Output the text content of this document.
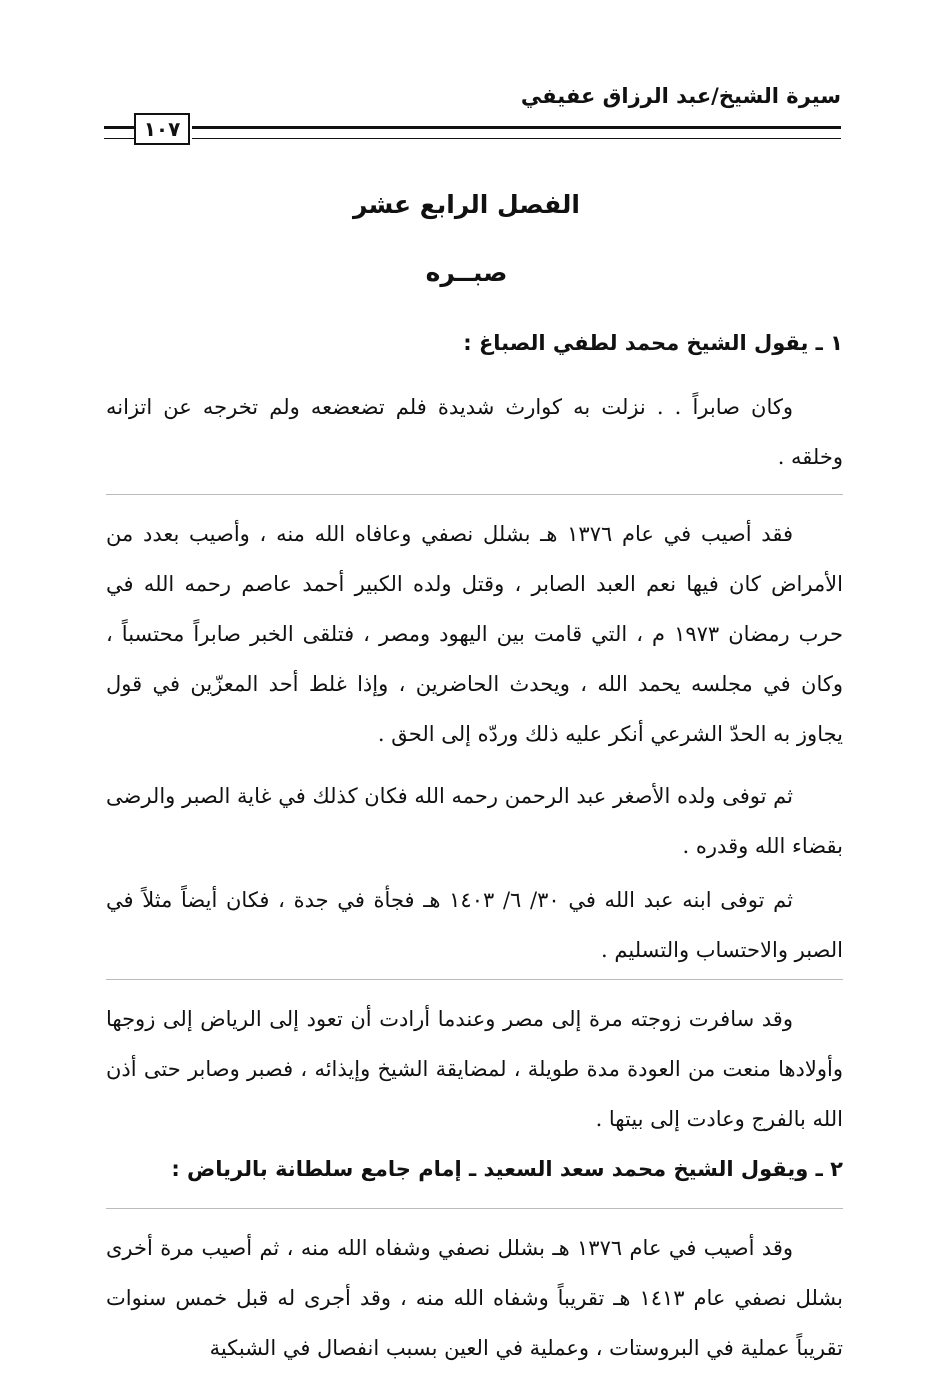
سيرة الشيخ/عبد الرزاق عفيفي
١٠٧
الفصل الرابع عشر
صبــره
١ ـ يقول الشيخ محمد لطفي الصباغ :

وكان صابراً . . نزلت به كوارث شديدة فلم تضعضعه ولم تخرجه عن اتزانه وخلقه .

فقد أصيب في عام ١٣٧٦ هـ بشلل نصفي وعافاه الله منه ، وأصيب بعدد من الأمراض كان فيها نعم العبد الصابر ، وقتل ولده الكبير أحمد عاصم رحمه الله في حرب رمضان ١٩٧٣ م ، التي قامت بين اليهود ومصر ، فتلقى الخبر صابراً محتسباً ، وكان في مجلسه يحمد الله ، ويحدث الحاضرين ، وإذا غلط أحد المعزّين في قول يجاوز به الحدّ الشرعي أنكر عليه ذلك وردّه إلى الحق .

ثم توفى ولده الأصغر عبد الرحمن رحمه الله فكان كذلك في غاية الصبر والرضى بقضاء الله وقدره .

ثم توفى ابنه عبد الله في ٣٠/ ٦/ ١٤٠٣ هـ فجأة في جدة ، فكان أيضاً مثلاً في الصبر والاحتساب والتسليم .

وقد سافرت زوجته مرة إلى مصر وعندما أرادت أن تعود إلى الرياض إلى زوجها وأولادها منعت من العودة مدة طويلة ، لمضايقة الشيخ وإيذائه ، فصبر وصابر حتى أذن الله بالفرج وعادت إلى بيتها .

٢ ـ ويقول الشيخ محمد سعد السعيد ـ إمام جامع سلطانة بالرياض :

وقد أصيب في عام ١٣٧٦ هـ بشلل نصفي وشفاه الله منه ، ثم أصيب مرة أخرى بشلل نصفي عام ١٤١٣ هـ تقريباً وشفاه الله منه ، وقد أجرى له قبل خمس سنوات تقريباً عملية في البروستات ، وعملية في العين بسبب انفصال في الشبكية
